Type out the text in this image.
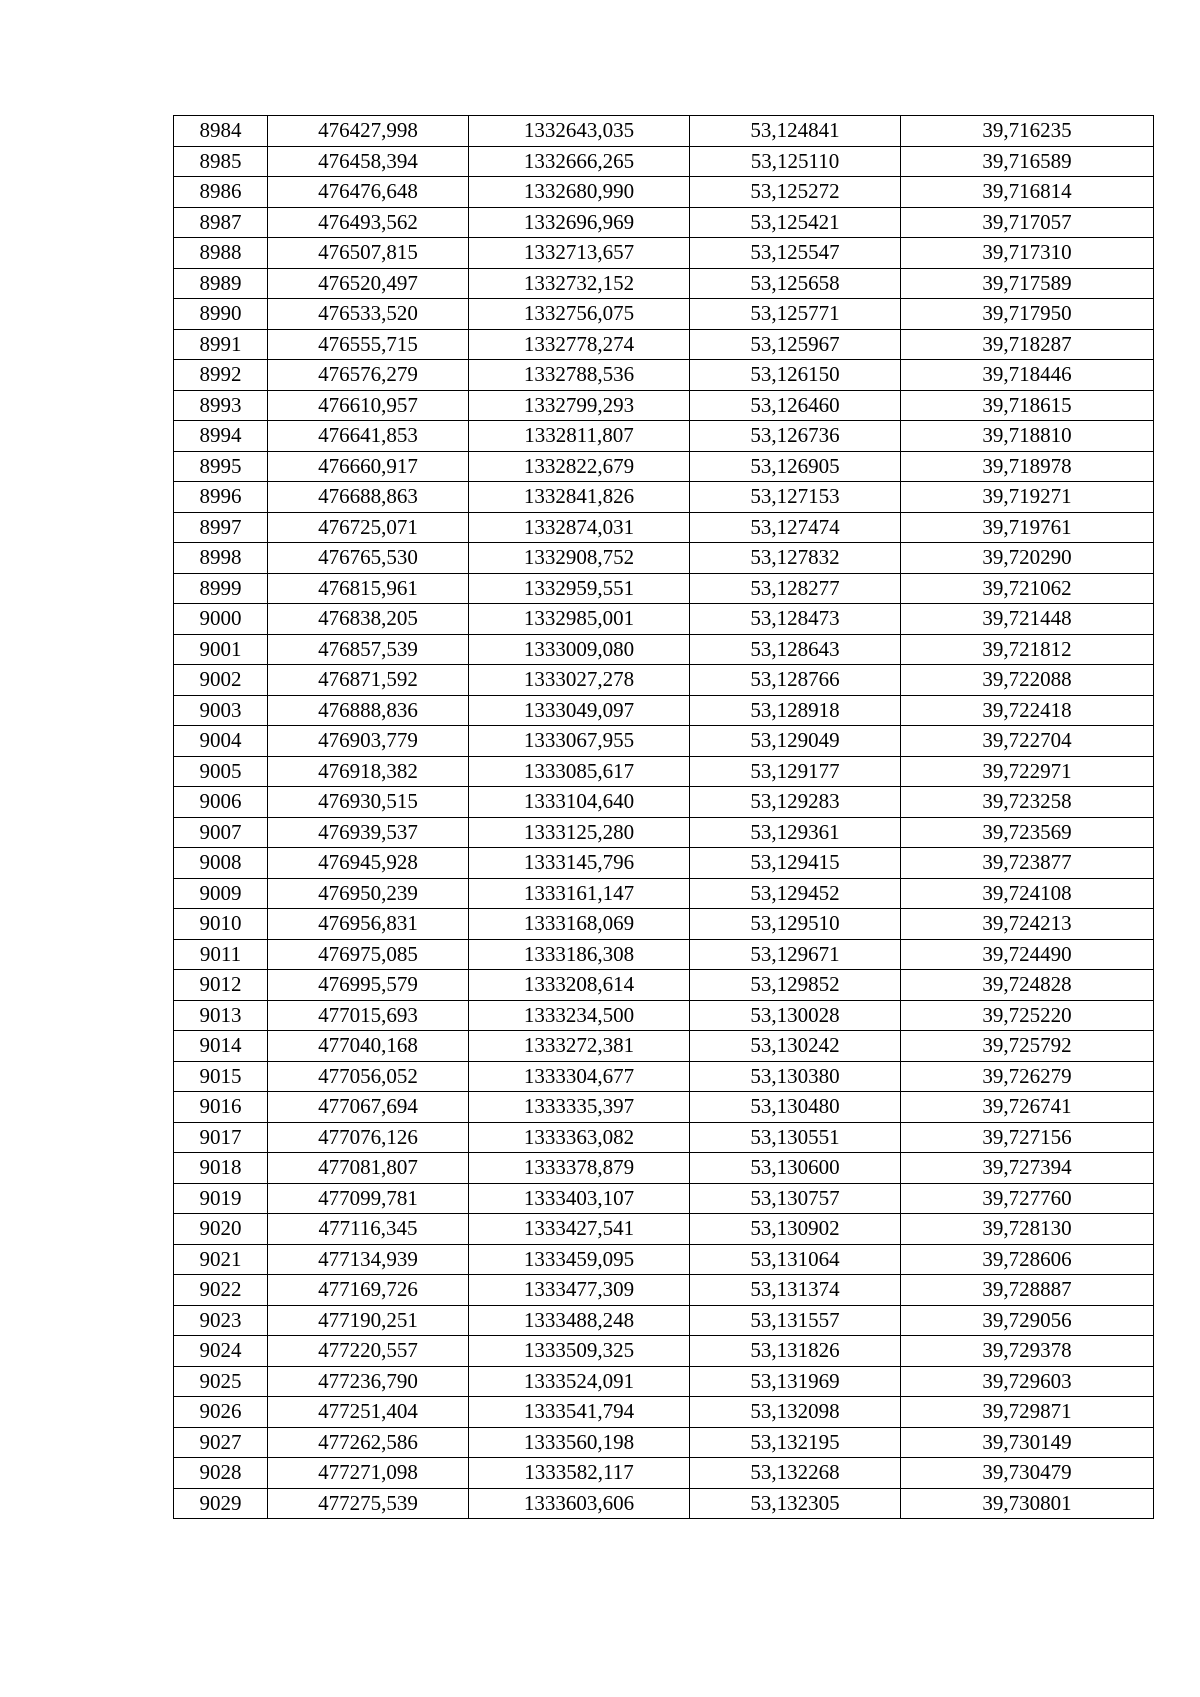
8984	476427,998	1332643,035	53,124841	39,716235
8985	476458,394	1332666,265	53,125110	39,716589
8986	476476,648	1332680,990	53,125272	39,716814
8987	476493,562	1332696,969	53,125421	39,717057
8988	476507,815	1332713,657	53,125547	39,717310
8989	476520,497	1332732,152	53,125658	39,717589
8990	476533,520	1332756,075	53,125771	39,717950
8991	476555,715	1332778,274	53,125967	39,718287
8992	476576,279	1332788,536	53,126150	39,718446
8993	476610,957	1332799,293	53,126460	39,718615
8994	476641,853	1332811,807	53,126736	39,718810
8995	476660,917	1332822,679	53,126905	39,718978
8996	476688,863	1332841,826	53,127153	39,719271
8997	476725,071	1332874,031	53,127474	39,719761
8998	476765,530	1332908,752	53,127832	39,720290
8999	476815,961	1332959,551	53,128277	39,721062
9000	476838,205	1332985,001	53,128473	39,721448
9001	476857,539	1333009,080	53,128643	39,721812
9002	476871,592	1333027,278	53,128766	39,722088
9003	476888,836	1333049,097	53,128918	39,722418
9004	476903,779	1333067,955	53,129049	39,722704
9005	476918,382	1333085,617	53,129177	39,722971
9006	476930,515	1333104,640	53,129283	39,723258
9007	476939,537	1333125,280	53,129361	39,723569
9008	476945,928	1333145,796	53,129415	39,723877
9009	476950,239	1333161,147	53,129452	39,724108
9010	476956,831	1333168,069	53,129510	39,724213
9011	476975,085	1333186,308	53,129671	39,724490
9012	476995,579	1333208,614	53,129852	39,724828
9013	477015,693	1333234,500	53,130028	39,725220
9014	477040,168	1333272,381	53,130242	39,725792
9015	477056,052	1333304,677	53,130380	39,726279
9016	477067,694	1333335,397	53,130480	39,726741
9017	477076,126	1333363,082	53,130551	39,727156
9018	477081,807	1333378,879	53,130600	39,727394
9019	477099,781	1333403,107	53,130757	39,727760
9020	477116,345	1333427,541	53,130902	39,728130
9021	477134,939	1333459,095	53,131064	39,728606
9022	477169,726	1333477,309	53,131374	39,728887
9023	477190,251	1333488,248	53,131557	39,729056
9024	477220,557	1333509,325	53,131826	39,729378
9025	477236,790	1333524,091	53,131969	39,729603
9026	477251,404	1333541,794	53,132098	39,729871
9027	477262,586	1333560,198	53,132195	39,730149
9028	477271,098	1333582,117	53,132268	39,730479
9029	477275,539	1333603,606	53,132305	39,730801
